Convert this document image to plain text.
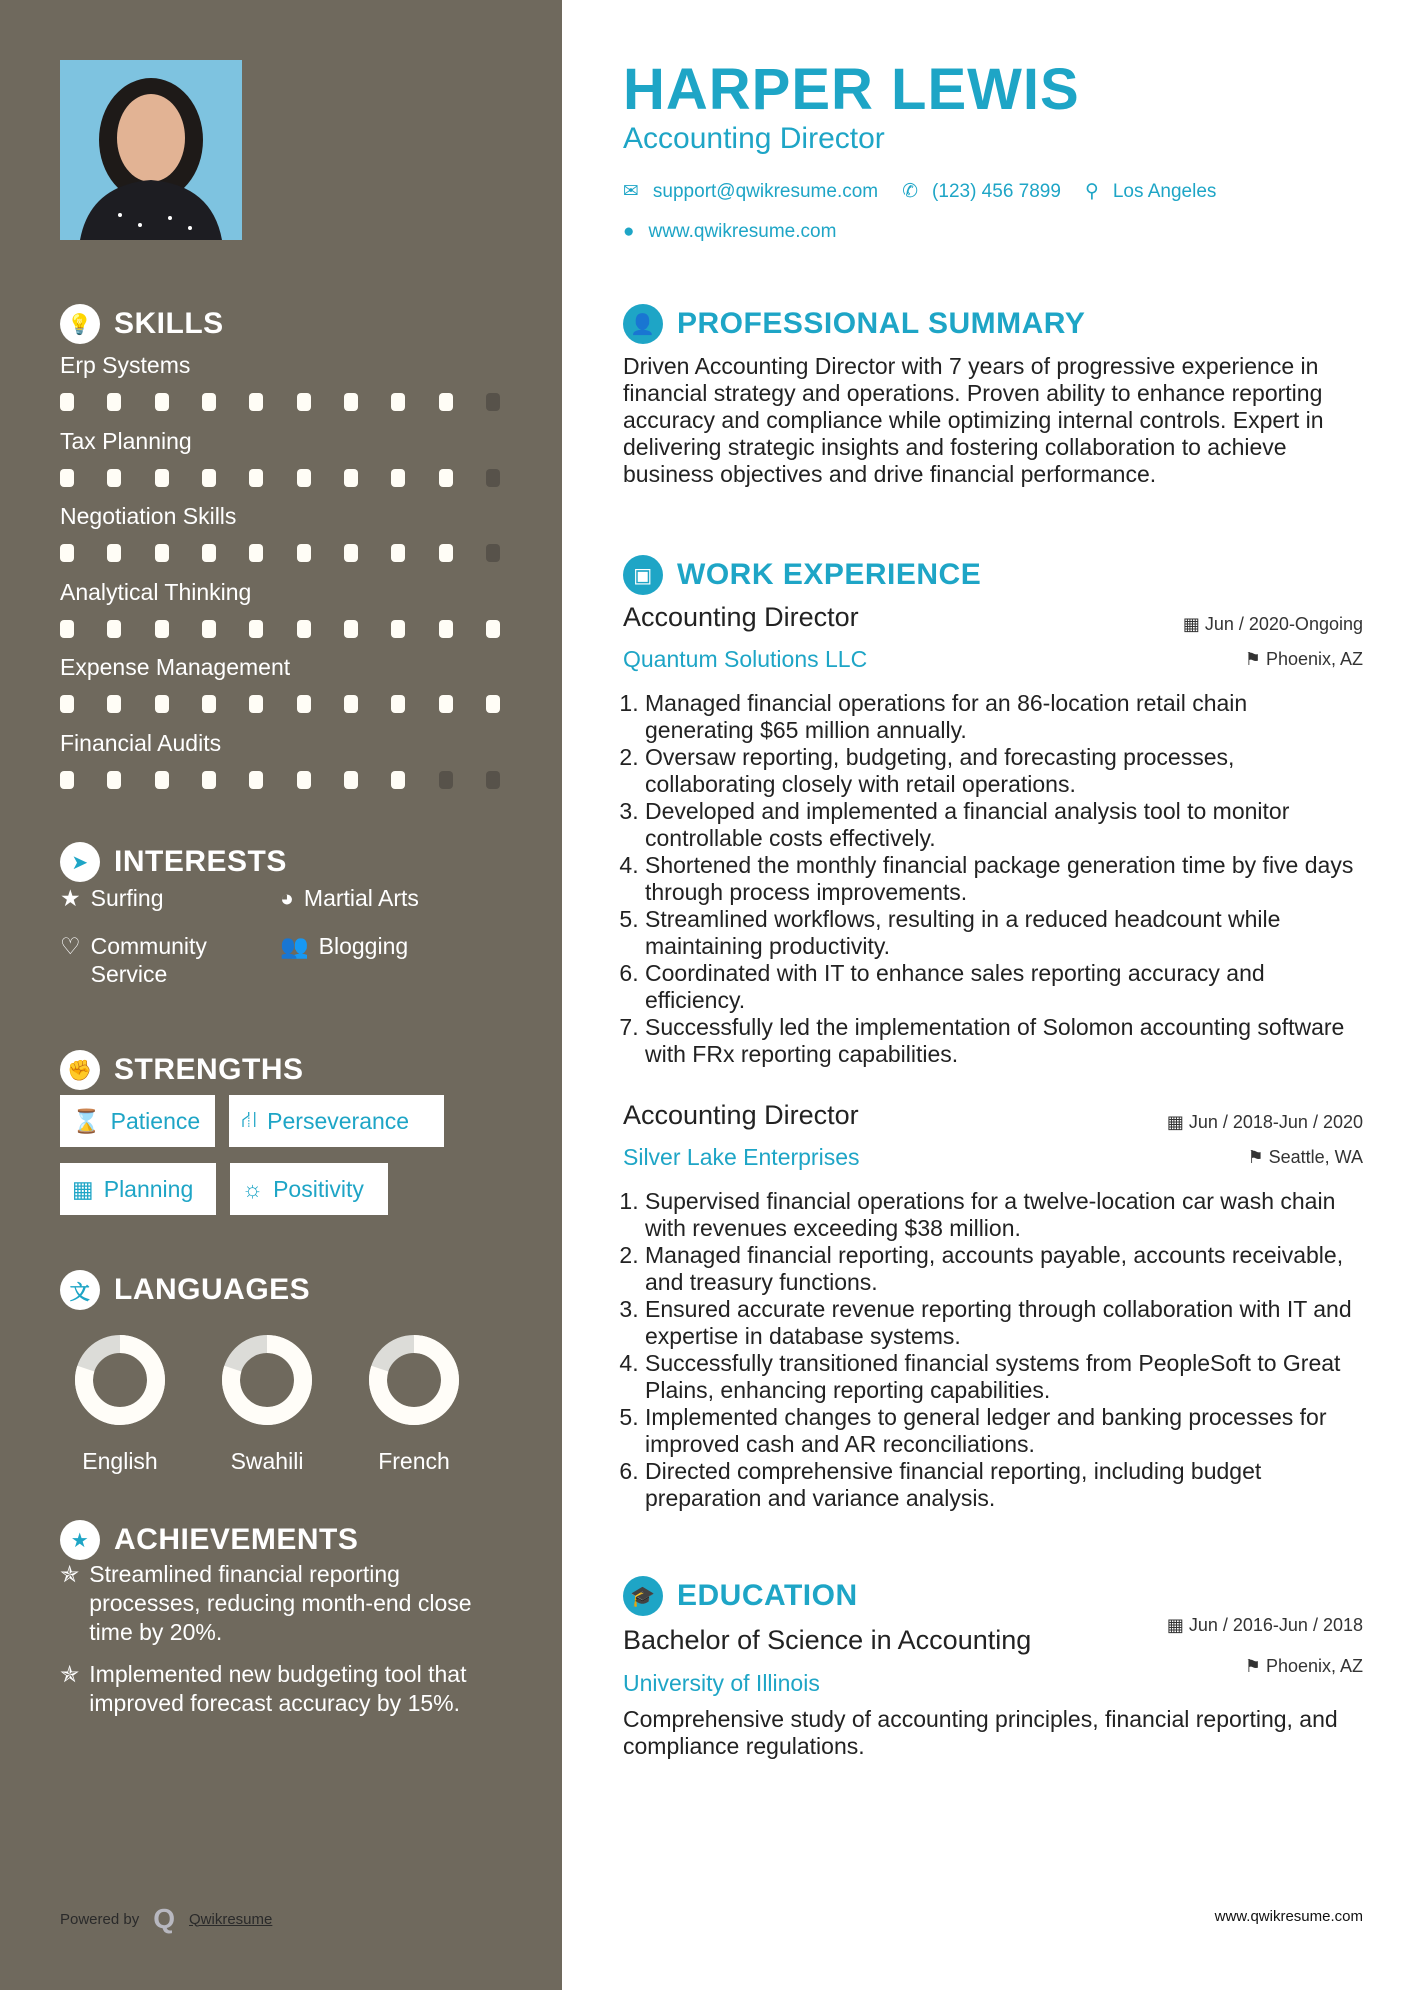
💡 SKILLS
Erp Systems
Tax Planning
Negotiation Skills
Analytical Thinking
Expense Management
Financial Audits
➤ INTERESTS
★ Surfing	◕ Martial Arts
♡ Community Service
👥 Blogging
✊ STRENGTHS
⌛ Patience ⛙ Perseverance
▦ Planning ☼ Positivity
文 LANGUAGES
English	Swahili	French
★ ACHIEVEMENTS
✯ Streamlined financial reporting processes, reducing month-end close time by 20%.
✯ Implemented new budgeting tool that improved forecast accuracy by 15%.
Powered by Q Qwikresume
HARPER LEWIS
Accounting Director
✉ support@qwikresume.com ✆ (123) 456 7899 ⚲ Los Angeles
● www.qwikresume.com
👤 PROFESSIONAL SUMMARY
Driven Accounting Director with 7 years of progressive experience in financial strategy and operations. Proven ability to enhance reporting accuracy and compliance while optimizing internal controls. Expert in delivering strategic insights and fostering collaboration to achieve business objectives and drive financial performance.
▣ WORK EXPERIENCE
Accounting Director	▦ Jun / 2020-Ongoing
Quantum Solutions LLC	⚑ Phoenix, AZ
1. Managed financial operations for an 86-location retail chain generating $65 million annually.
2. Oversaw reporting, budgeting, and forecasting processes, collaborating closely with retail operations.
3. Developed and implemented a financial analysis tool to monitor controllable costs effectively.
4. Shortened the monthly financial package generation time by five days through process improvements.
5. Streamlined workflows, resulting in a reduced headcount while maintaining productivity.
6. Coordinated with IT to enhance sales reporting accuracy and efficiency.
7. Successfully led the implementation of Solomon accounting software with FRx reporting capabilities.
Accounting Director	▦ Jun / 2018-Jun / 2020
Silver Lake Enterprises	⚑ Seattle, WA
1. Supervised financial operations for a twelve-location car wash chain with revenues exceeding $38 million.
2. Managed financial reporting, accounts payable, accounts receivable, and treasury functions.
3. Ensured accurate revenue reporting through collaboration with IT and expertise in database systems.
4. Successfully transitioned financial systems from PeopleSoft to Great Plains, enhancing reporting capabilities.
5. Implemented changes to general ledger and banking processes for improved cash and AR reconciliations.
6. Directed comprehensive financial reporting, including budget preparation and variance analysis.
🎓 EDUCATION
Bachelor of Science in Accounting	▦ Jun / 2016-Jun / 2018
University of Illinois
⚑ Phoenix, AZ
Comprehensive study of accounting principles, financial reporting, and compliance regulations.
www.qwikresume.com
